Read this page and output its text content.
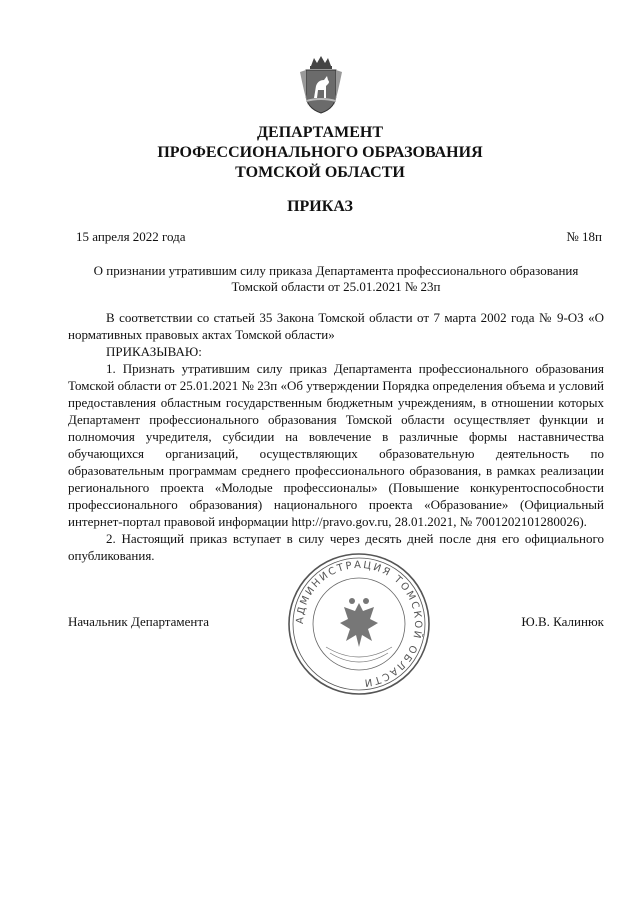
ДЕПАРТАМЕНТ
ПРОФЕССИОНАЛЬНОГО ОБРАЗОВАНИЯ
ТОМСКОЙ ОБЛАСТИ
ПРИКАЗ
15 апреля 2022 года	№ 18п
О признании утратившим силу приказа Департамента профессионального образования
Томской области от 25.01.2021 № 23п

В соответствии со статьей 35 Закона Томской области от 7 марта 2002 года № 9-ОЗ «О нормативных правовых актах Томской области»

ПРИКАЗЫВАЮ:

1. Признать утратившим силу приказ Департамента профессионального образования Томской области от 25.01.2021 № 23п «Об утверждении Порядка определения объема и условий предоставления областным государственным бюджетным учреждениям, в отношении которых Департамент профессионального образования Томской области осуществляет функции и полномочия учредителя, субсидии на вовлечение в различные формы наставничества обучающихся организаций, осуществляющих образовательную деятельность по образовательным программам среднего профессионального образования, в рамках реализации регионального проекта «Молодые профессионалы» (Повышение конкурентоспособности профессионального образования) национального проекта «Образование» (Официальный интернет-портал правовой информации http://pravo.gov.ru, 28.01.2021, № 7001202101280026).

2. Настоящий приказ вступает в силу через десять дней после дня его официального опубликования.

Начальник Департамента	Ю.В. Калинюк
АДМИНИСТРАЦИЯ ТОМСКОЙ ОБЛАСТИ
